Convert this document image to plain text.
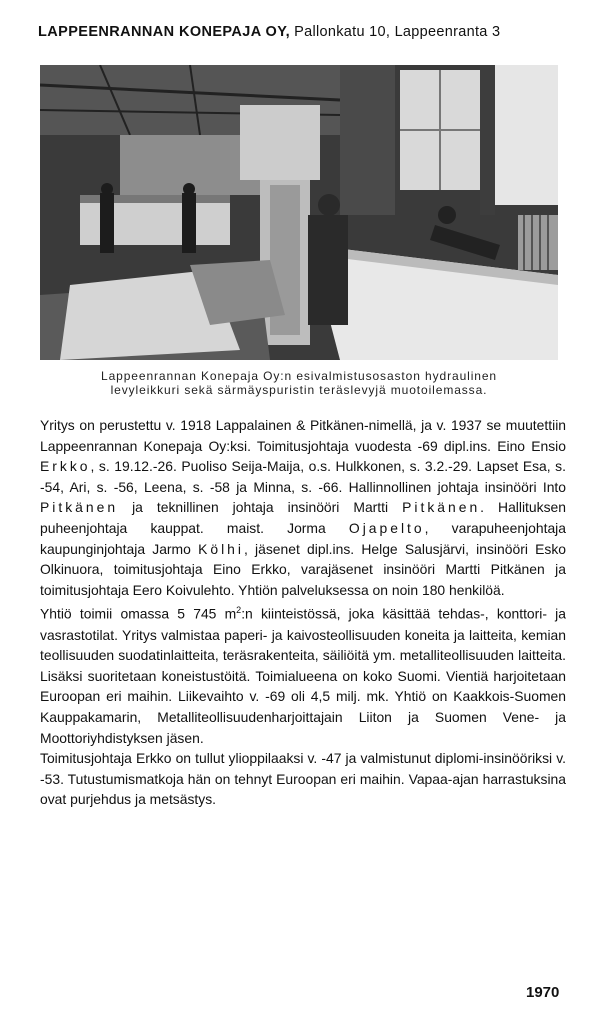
LAPPEENRANNAN KONEPAJA OY, Pallonkatu 10, Lappeenranta 3

Lappeenrannan Konepaja Oy:n esivalmistusosaston hydraulinen

levyleikkuri sekä särmäyspuristin teräslevyjä muotoilemassa.

Yritys on perustettu v. 1918 Lappalainen & Pitkänen-nimellä, ja v. 1937 se muutettiin Lappeenrannan Konepaja Oy:ksi. Toimitusjohtaja vuodesta -69 dipl.ins. Eino Ensio Erkko, s. 19.12.-26. Puoliso Seija-Maija, o.s. Hulkkonen, s. 3.2.-29. Lapset Esa, s. -54, Ari, s. -56, Leena, s. -58 ja Minna, s. -66. Hallinnollinen johtaja insinööri Into Pitkänen ja teknillinen johtaja insinööri Martti Pitkänen. Hallituksen puheenjohtaja kauppat. maist. Jorma Ojapelto, varapuheenjohtaja kaupunginjohtaja Jarmo Kölhi, jäsenet dipl.ins. Helge Salusjärvi, insinööri Esko Olkinuora, toimitusjohtaja Eino Erkko, varajäsenet insinööri Martti Pitkänen ja toimitusjohtaja Eero Koivulehto. Yhtiön palveluksessa on noin 180 henkilöä.

Yhtiö toimii omassa 5 745 $m^2:n$ kiinteistössä, joka käsittää tehdas-, konttori- ja vasrastotilat. Yritys valmistaa paperi- ja kaivosteollisuuden koneita ja laitteita, kemian teollisuuden suodatinlaitteita, teräsrakenteita, säiliöitä ym. metalliteollisuuden laitteita. Lisäksi suoritetaan koneistustöitä. Toimialueena on koko Suomi. Vientiä harjoitetaan Euroopan eri maihin. Liikevaihto v. -69 oli 4,5 milj. mk. Yhtiö on Kaakkois-Suomen Kauppakamarin, Metalliteollisuudenharjoittajain Liiton ja Suomen Vene- ja Moottoriyhdistyksen jäsen.

Toimitusjohtaja Erkko on tullut ylioppilaaksi v. -47 ja valmistunut diplomi-insinööriksi v. -53. Tutustumismatkoja hän on tehnyt Euroopan eri maihin. Vapaa-ajan harrastuksina ovat purjehdus ja metsästys.

1970
